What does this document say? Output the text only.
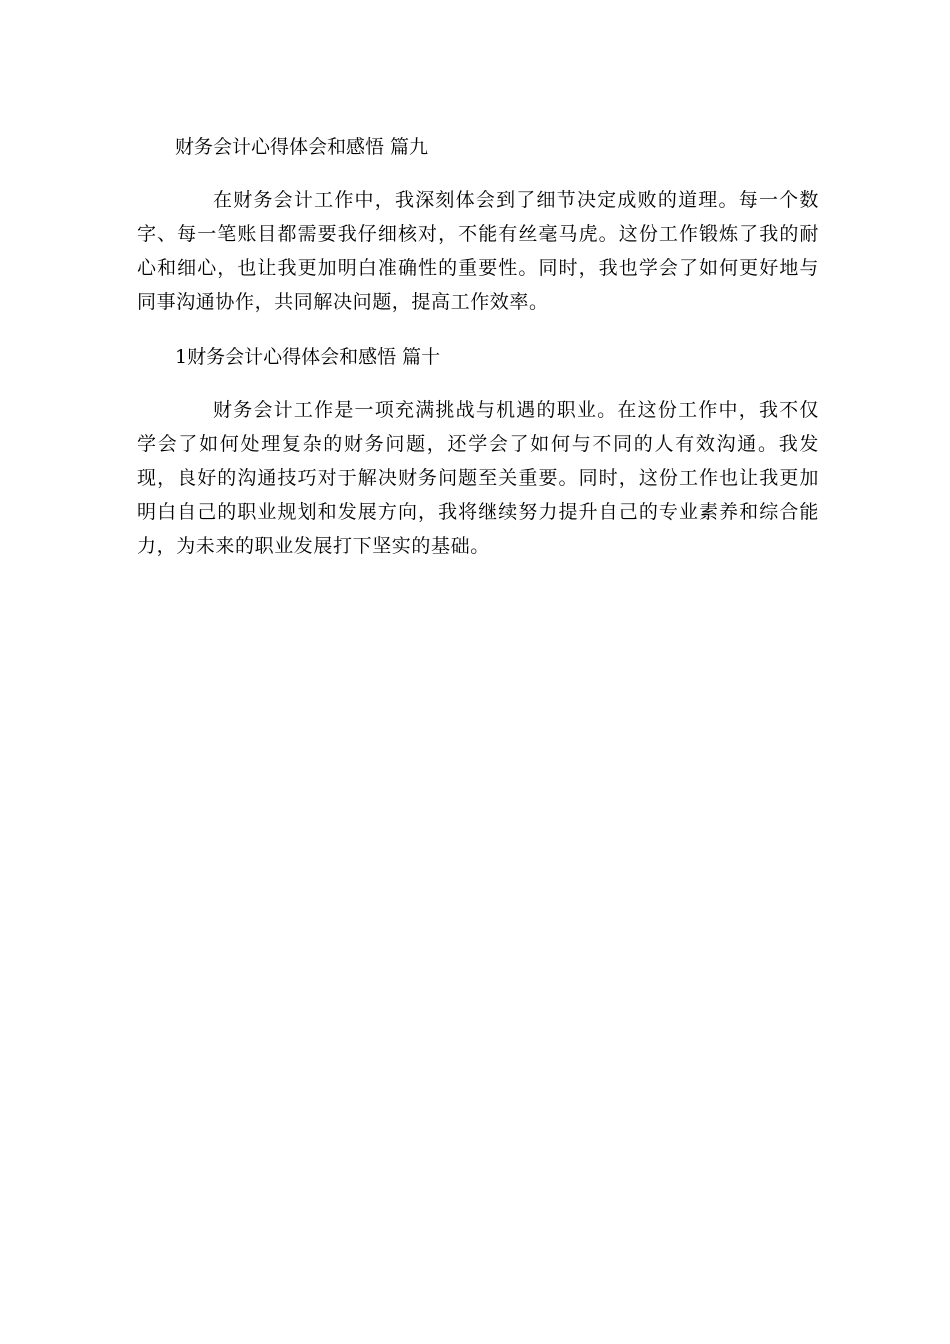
财务会计心得体会和感悟 篇九

在财务会计工作中，我深刻体会到了细节决定成败的道理。每一个数字、每一笔账目都需要我仔细核对，不能有丝毫马虎。这份工作锻炼了我的耐心和细心，也让我更加明白准确性的重要性。同时，我也学会了如何更好地与同事沟通协作，共同解决问题，提高工作效率。

1财务会计心得体会和感悟 篇十

财务会计工作是一项充满挑战与机遇的职业。在这份工作中，我不仅学会了如何处理复杂的财务问题，还学会了如何与不同的人有效沟通。我发现，良好的沟通技巧对于解决财务问题至关重要。同时，这份工作也让我更加明白自己的职业规划和发展方向，我将继续努力提升自己的专业素养和综合能力，为未来的职业发展打下坚实的基础。
